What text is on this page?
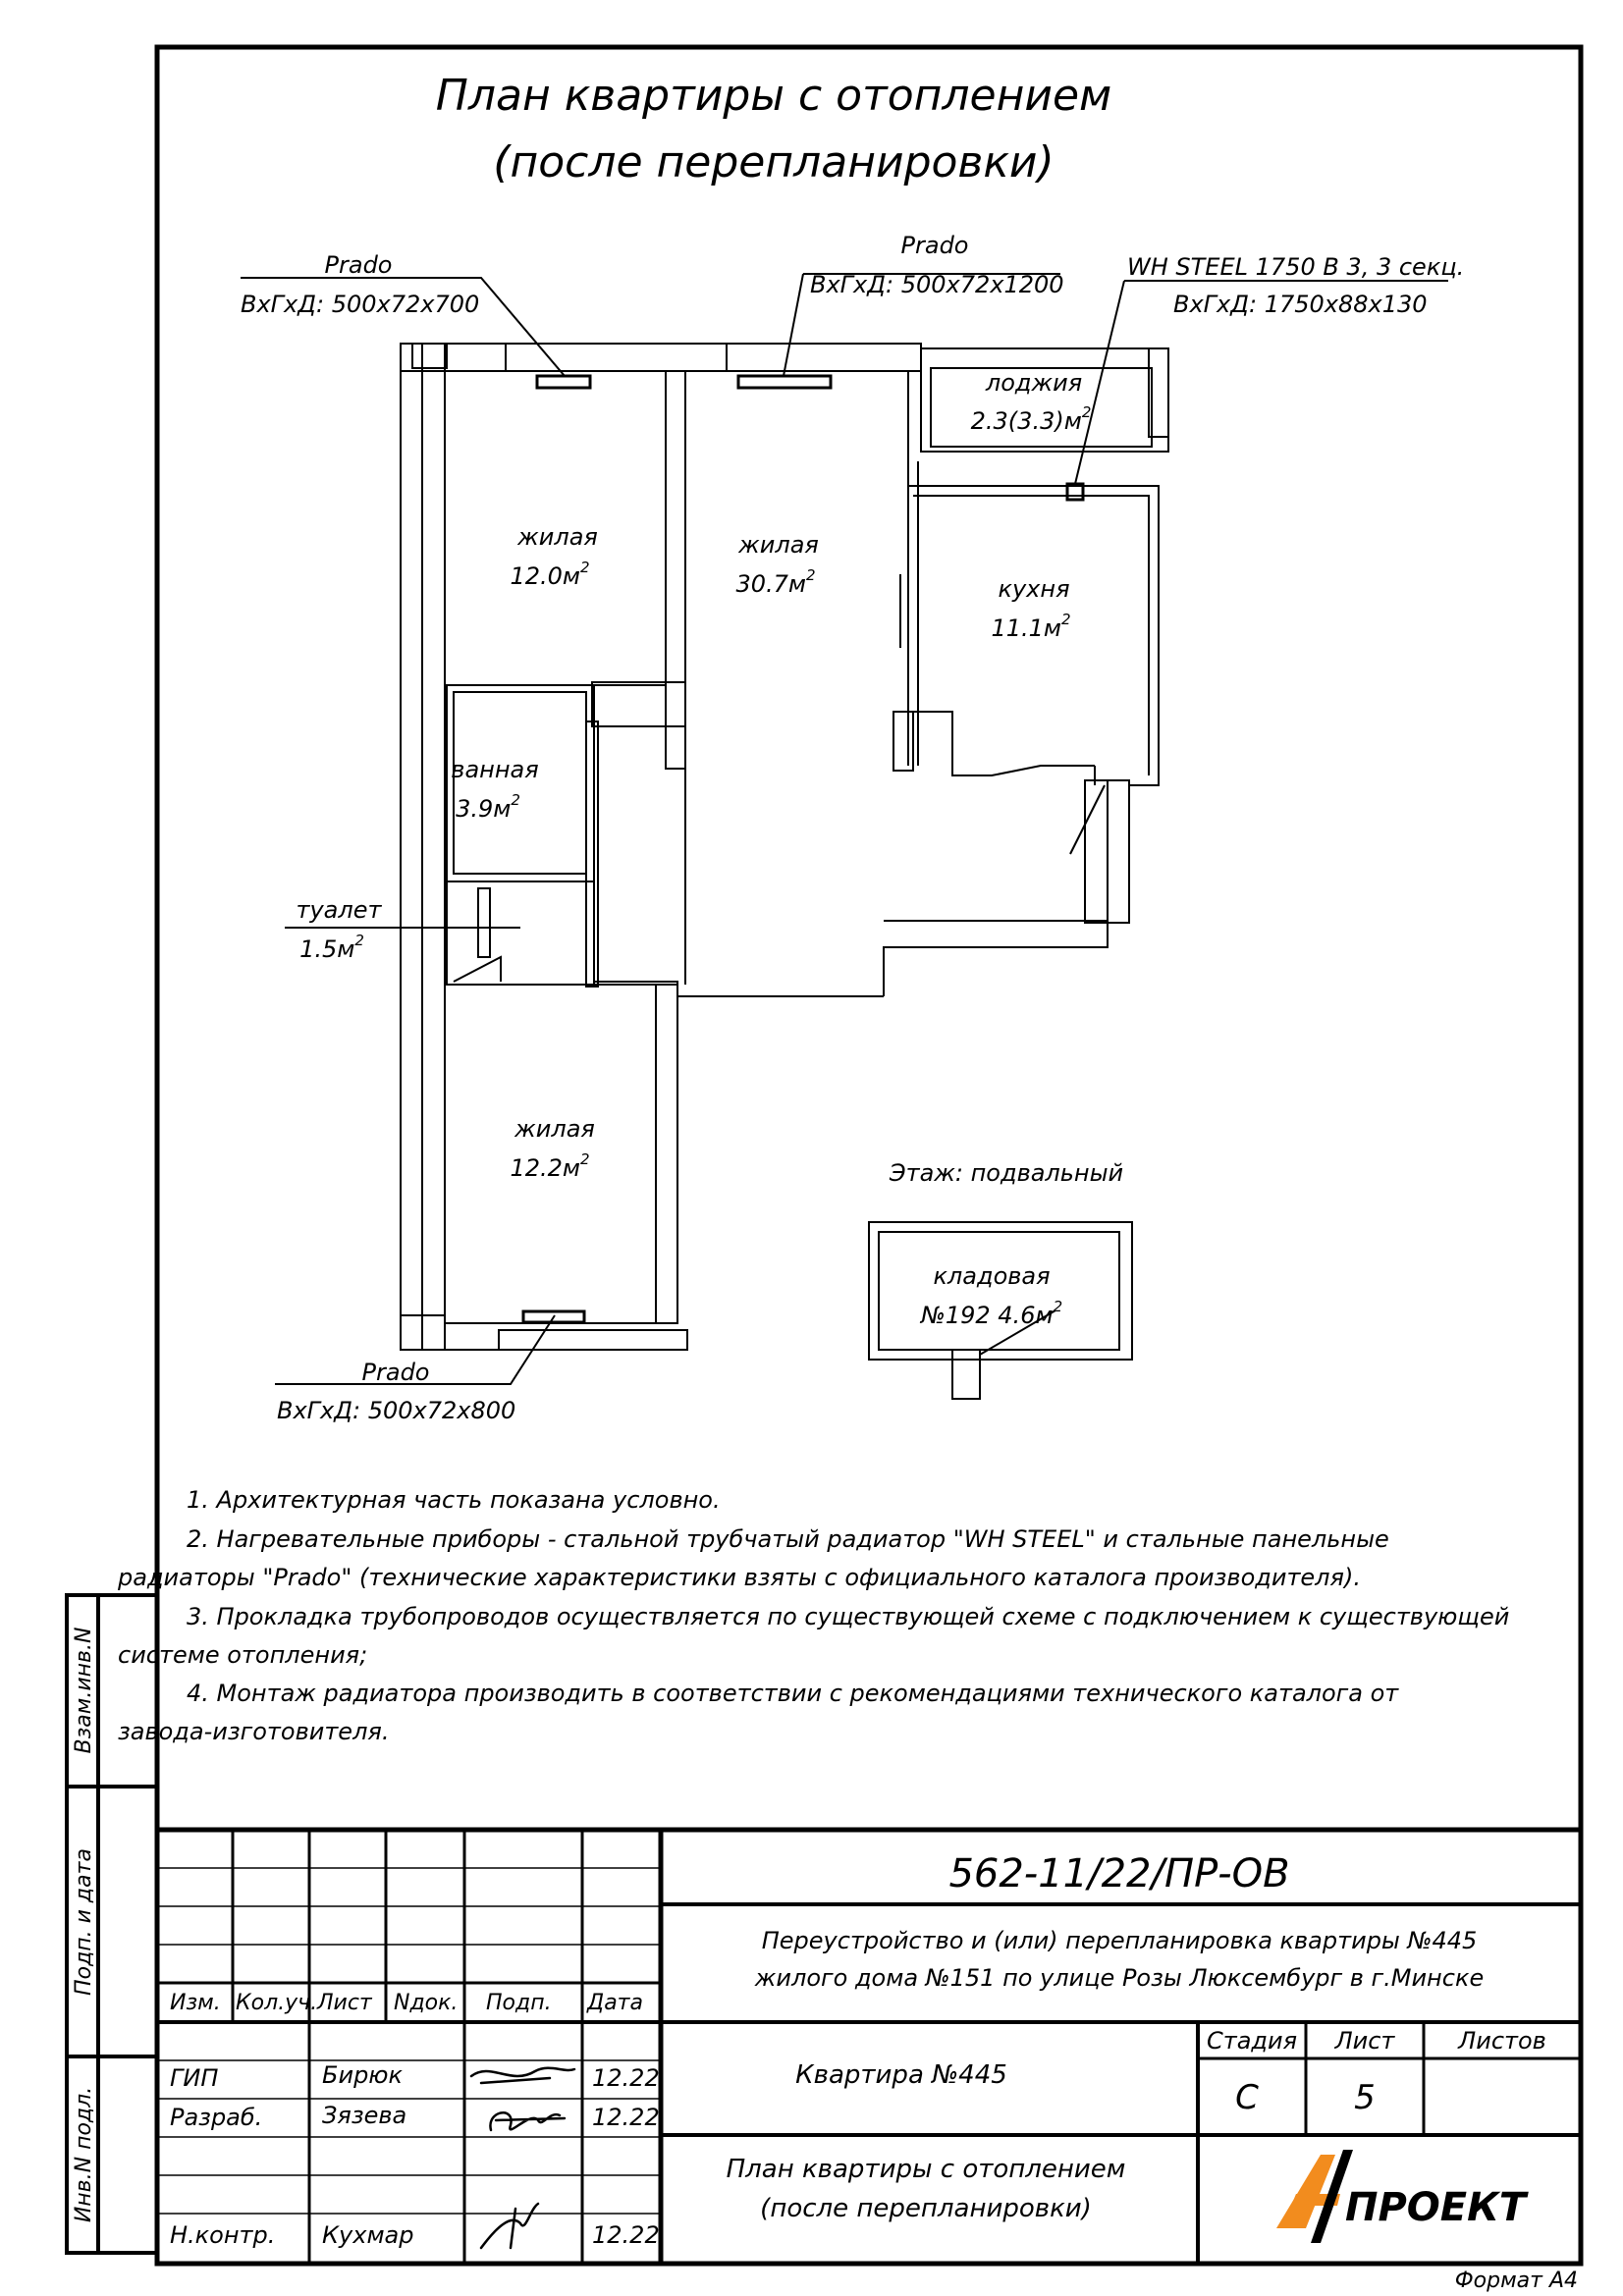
План квартиры с отоплением
(после перепланировки)
Prado
ВхГхД: 500х72х700
Prado
ВхГхД: 500х72х1200
WH STEEL 1750 В 3, 3 секц.
ВхГхД: 1750х88х130
Prado
ВхГхД: 500х72х800
жилая
$12.0м^2$
жилая
$30.7м^2$
лоджия
$2.3(3.3)м^2$
кухня
$11.1м^2$
ванная
$3.9м^2$
туалет
$1.5м^2$
жилая
$12.2м^2$	Этаж: подвальный
кладовая
№192 $4.6м^2$
Взам.инв.N
Подп. и дата
Инв.N подл.
562-11/22/ПР-ОВ
Переустройство и (или) перепланировка квартиры №445
жилого дома №151 по улице Розы Люксембург в г.Минске
Изм. Кол.уч. Лист Nдок. Подп. Дата
ГИП	Бирюк	12.22
Разраб.	Зязева	12.22
Н.контр. Кухмар	12.22
Квартира №445
Стадия Лист	Листов
С	5
План квартиры с отоплением
(после перепланировки)	ПРОЕКТ
Формат А4
1. Архитектурная часть показана условно.
2. Нагревательные приборы - стальной трубчатый радиатор "WH STEEL" и стальные панельные
радиаторы "Prado" (технические характеристики взяты с официального каталога производителя).
3. Прокладка трубопроводов осуществляется по существующей схеме с подключением к существующей
системе отопления;
4. Монтаж радиатора производить в соответствии с рекомендациями технического каталога от
завода-изготовителя.
